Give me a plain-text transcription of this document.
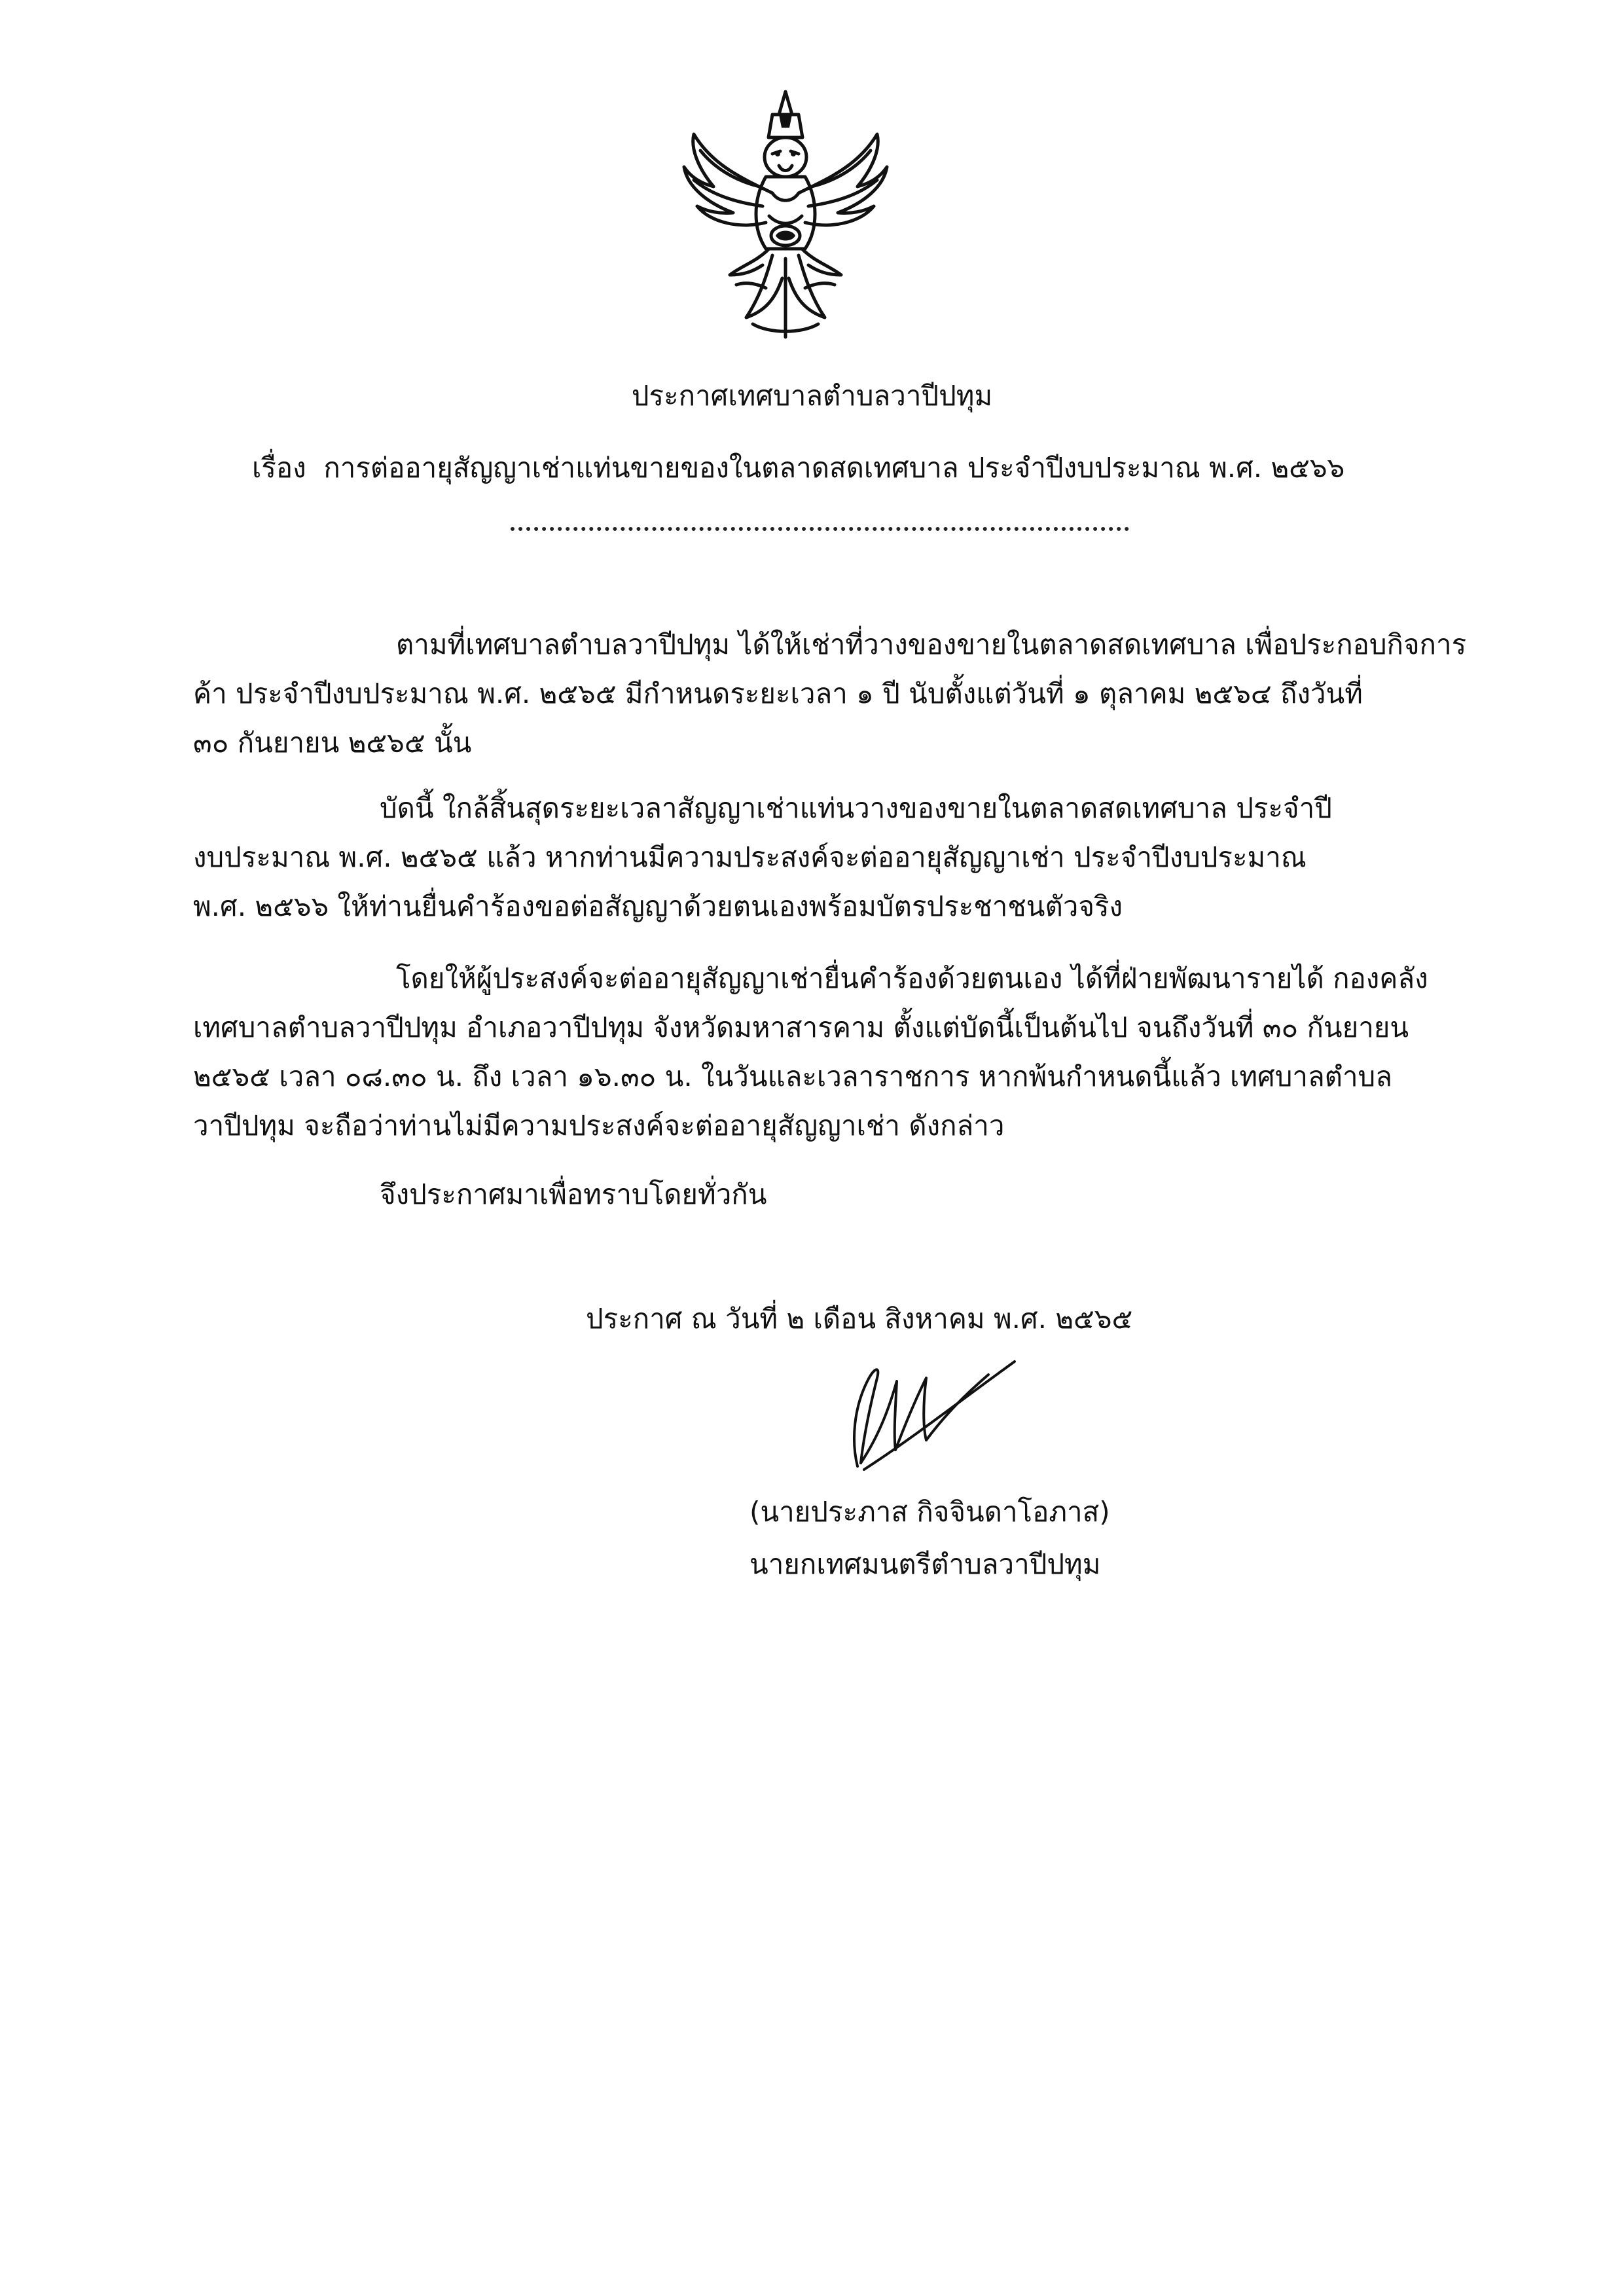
ประกาศเทศบาลตำบลวาปีปทุม
เรื่อง การต่ออายุสัญญาเช่าแท่นขายของในตลาดสดเทศบาล ประจำปีงบประมาณ พ.ศ. ๒๕๖๖
ตามที่เทศบาลตำบลวาปีปทุม ได้ให้เช่าที่วางของขายในตลาดสดเทศบาล เพื่อประกอบกิจการ
ค้า ประจำปีงบประมาณ พ.ศ. ๒๕๖๕ มีกำหนดระยะเวลา ๑ ปี นับตั้งแต่วันที่ ๑ ตุลาคม ๒๕๖๔ ถึงวันที่
๓๐ กันยายน ๒๕๖๕ นั้น
บัดนี้ ใกล้สิ้นสุดระยะเวลาสัญญาเช่าแท่นวางของขายในตลาดสดเทศบาล ประจำปี
งบประมาณ พ.ศ. ๒๕๖๕ แล้ว หากท่านมีความประสงค์จะต่ออายุสัญญาเช่า ประจำปีงบประมาณ
พ.ศ. ๒๕๖๖ ให้ท่านยื่นคำร้องขอต่อสัญญาด้วยตนเองพร้อมบัตรประชาชนตัวจริง
โดยให้ผู้ประสงค์จะต่ออายุสัญญาเช่ายื่นคำร้องด้วยตนเอง ได้ที่ฝ่ายพัฒนารายได้ กองคลัง
เทศบาลตำบลวาปีปทุม อำเภอวาปีปทุม จังหวัดมหาสารคาม ตั้งแต่บัดนี้เป็นต้นไป จนถึงวันที่ ๓๐ กันยายน
๒๕๖๕ เวลา ๐๘.๓๐ น. ถึง เวลา ๑๖.๓๐ น. ในวันและเวลาราชการ หากพ้นกำหนดนี้แล้ว เทศบาลตำบล
วาปีปทุม จะถือว่าท่านไม่มีความประสงค์จะต่ออายุสัญญาเช่า ดังกล่าว
จึงประกาศมาเพื่อทราบโดยทั่วกัน
ประกาศ ณ วันที่ ๒ เดือน สิงหาคม พ.ศ. ๒๕๖๕
(นายประภาส กิจจินดาโอภาส)
นายกเทศมนตรีตำบลวาปีปทุม
